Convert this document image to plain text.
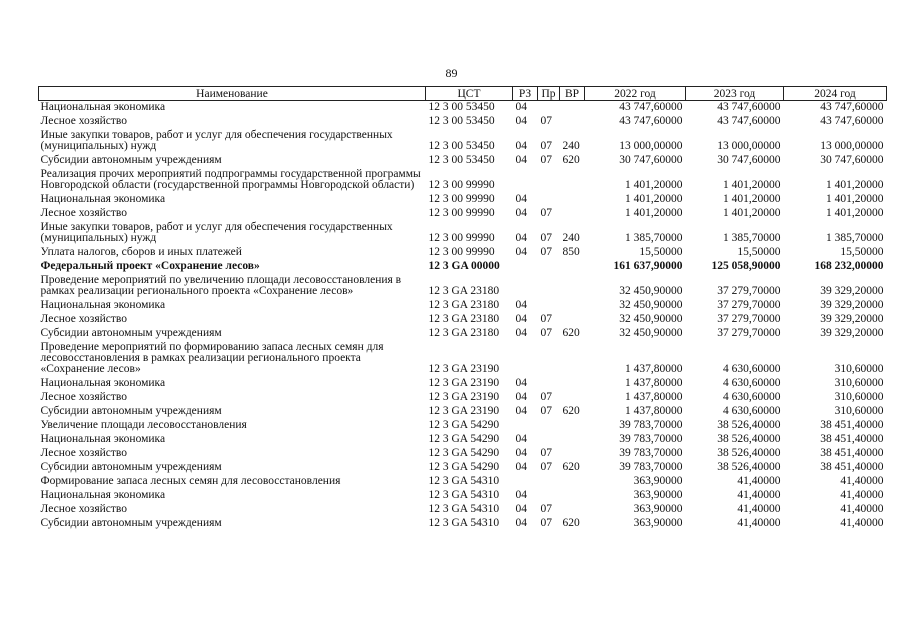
89
Наименование	ЦСТ	РЗ	Пр	ВР	2022 год	2023 год	2024 год
Национальная экономика	12 3 00 53450	04			43 747,60000	43 747,60000	43 747,60000
Лесное хозяйство	12 3 00 53450	04	07		43 747,60000	43 747,60000	43 747,60000
Иные закупки товаров, работ и услуг для обеспечения государственных (муниципальных) нужд	12 3 00 53450	04	07	240	13 000,00000	13 000,00000	13 000,00000
Субсидии автономным учреждениям	12 3 00 53450	04	07	620	30 747,60000	30 747,60000	30 747,60000
Реализация прочих мероприятий подпрограммы государственной программы Новгородской области (государственной программы Новгородской области)	12 3 00 99990				1 401,20000	1 401,20000	1 401,20000
Национальная экономика	12 3 00 99990	04			1 401,20000	1 401,20000	1 401,20000
Лесное хозяйство	12 3 00 99990	04	07		1 401,20000	1 401,20000	1 401,20000
Иные закупки товаров, работ и услуг для обеспечения государственных (муниципальных) нужд	12 3 00 99990	04	07	240	1 385,70000	1 385,70000	1 385,70000
Уплата налогов, сборов и иных платежей	12 3 00 99990	04	07	850	15,50000	15,50000	15,50000
Федеральный проект «Сохранение лесов»	12 3 GA 00000				161 637,90000	125 058,90000	168 232,00000
Проведение мероприятий по увеличению площади лесовосстановления в рамках реализации регионального проекта «Сохранение лесов»	12 3 GA 23180				32 450,90000	37 279,70000	39 329,20000
Национальная экономика	12 3 GA 23180	04			32 450,90000	37 279,70000	39 329,20000
Лесное хозяйство	12 3 GA 23180	04	07		32 450,90000	37 279,70000	39 329,20000
Субсидии автономным учреждениям	12 3 GA 23180	04	07	620	32 450,90000	37 279,70000	39 329,20000
Проведение мероприятий по формированию запаса лесных семян для лесовосстановления в рамках реализации регионального проекта «Сохранение лесов»	12 3 GA 23190				1 437,80000	4 630,60000	310,60000
Национальная экономика	12 3 GA 23190	04			1 437,80000	4 630,60000	310,60000
Лесное хозяйство	12 3 GA 23190	04	07		1 437,80000	4 630,60000	310,60000
Субсидии автономным учреждениям	12 3 GA 23190	04	07	620	1 437,80000	4 630,60000	310,60000
Увеличение площади лесовосстановления	12 3 GA 54290				39 783,70000	38 526,40000	38 451,40000
Национальная экономика	12 3 GA 54290	04			39 783,70000	38 526,40000	38 451,40000
Лесное хозяйство	12 3 GA 54290	04	07		39 783,70000	38 526,40000	38 451,40000
Субсидии автономным учреждениям	12 3 GA 54290	04	07	620	39 783,70000	38 526,40000	38 451,40000
Формирование запаса лесных семян для лесовосстановления	12 3 GA 54310				363,90000	41,40000	41,40000
Национальная экономика	12 3 GA 54310	04			363,90000	41,40000	41,40000
Лесное хозяйство	12 3 GA 54310	04	07		363,90000	41,40000	41,40000
Субсидии автономным учреждениям	12 3 GA 54310	04	07	620	363,90000	41,40000	41,40000
